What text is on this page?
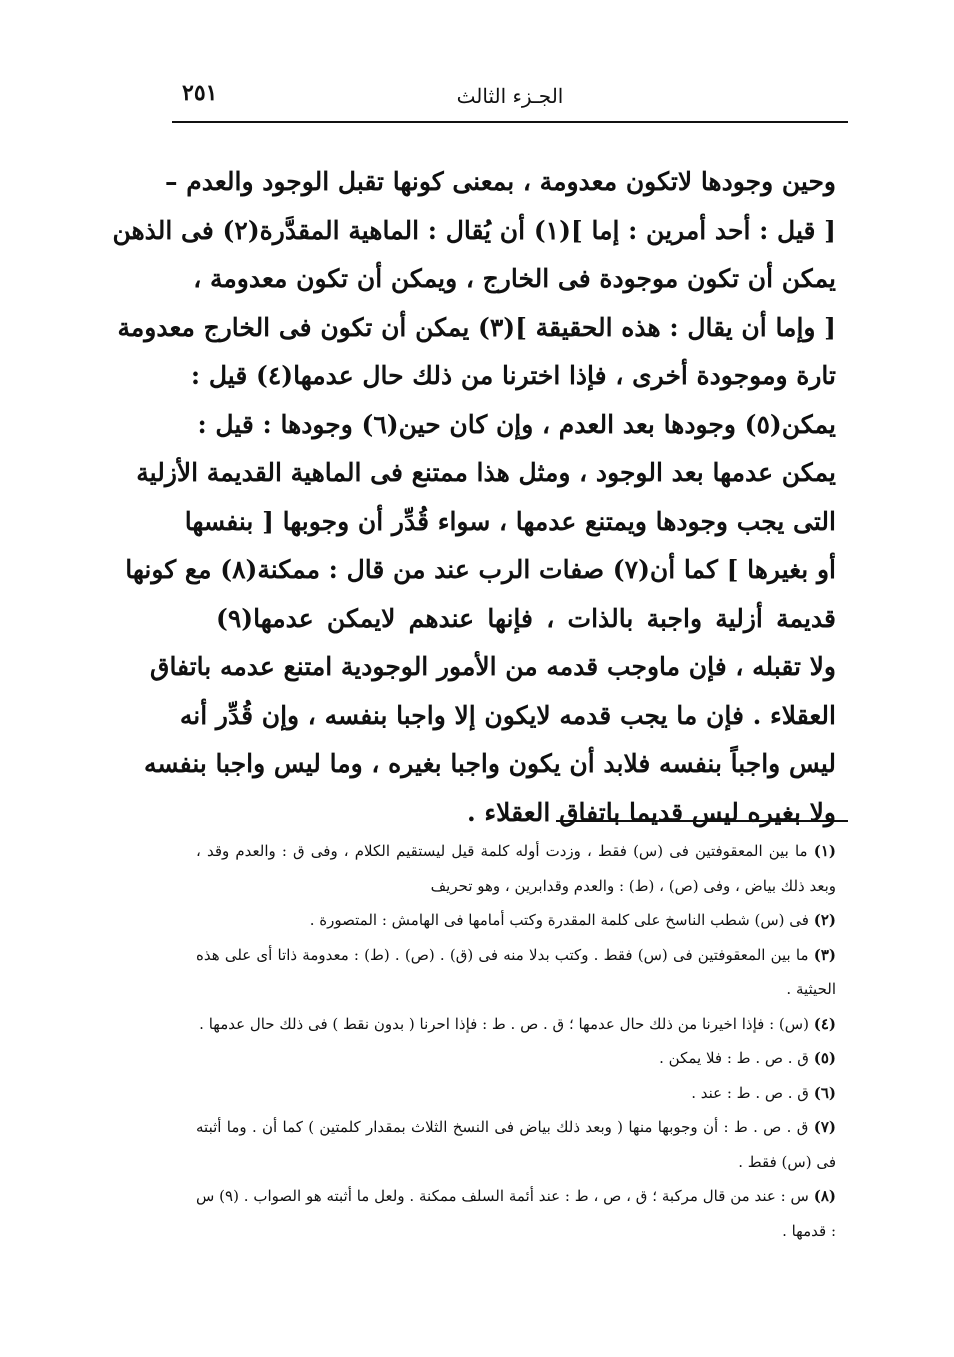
٢٥١	الجـزء الثالث
وحين وجودها لاتكون معدومة ، بمعنى كونها تقبل الوجود والعدم –
[ قيل : أحد أمرين : إما ](١) أن يُقال : الماهية المقدَّرة(٢) فى الذهن
يمكن أن تكون موجودة فى الخارج ، ويمكن أن تكون معدومة ،
[ وإما أن يقال : هذه الحقيقة ](٣) يمكن أن تكون فى الخارج معدومة
تارة وموجودة أخرى ، فإذا اخترنا من ذلك حال عدمها(٤) قيل :
يمكن(٥) وجودها بعد العدم ، وإن كان حين(٦) وجودها : قيل :
يمكن عدمها بعد الوجود ، ومثل هذا ممتنع فى الماهية القديمة الأزلية
التى يجب وجودها ويمتنع عدمها ، سواء قُدِّر أن وجوبها [ بنفسها
أو بغيرها ] كما أن(٧) صفات الرب عند من قال : ممكنة(٨) مع كونها
قديمة أزلية واجبة بالذات ، فإنها عندهم لايمكن عدمها(٩)
ولا تقبله ، فإن ماوجب قدمه من الأمور الوجودية امتنع عدمه باتفاق
العقلاء . فإن ما يجب قدمه لايكون إلا واجبا بنفسه ، وإن قُدِّر أنه
ليس واجباً بنفسه فلابد أن يكون واجبا بغيره ، وما ليس واجبا بنفسه
ولا بغيره ليس قديما باتفاق العقلاء .

(١) ما بين المعقوفتين فى (س) فقط ، وزدت أوله كلمة قيل ليستقيم الكلام ، وفى ق : والعدم وقد ، وبعد ذلك بياض ، وفى (ص) ، (ط) : والعدم وقدابرين ، وهو تحريف

(٢) فى (س) شطب الناسخ على كلمة المقدرة وكتب أمامها فى الهامش : المتصورة .

(٣) ما بين المعقوفتين فى (س) فقط . وكتب بدلا منه فى (ق) . (ص) . (ط) : معدومة ذاتا أى على هذه الحيثية .

(٤) (س) : فإذا اخيرنا من ذلك حال عدمها ؛ ق . ص . ط : فإذا احرنا ( بدون نقط ) فى ذلك حال عدمها .

(٥) ق . ص . ط : فلا يمكن .

(٦) ق . ص . ط : عند .

(٧) ق . ص . ط : أن وجوبها منها ( وبعد ذلك بياض فى النسخ الثلاث بمقدار كلمتين ) كما أن . وما أثبته فى (س) فقط .

(٨) س : عند من قال مركبة ؛ ق ، ص ، ط : عند أئمة السلف ممكنة . ولعل ما أثبته هو الصواب . (٩) س : قدمها .
